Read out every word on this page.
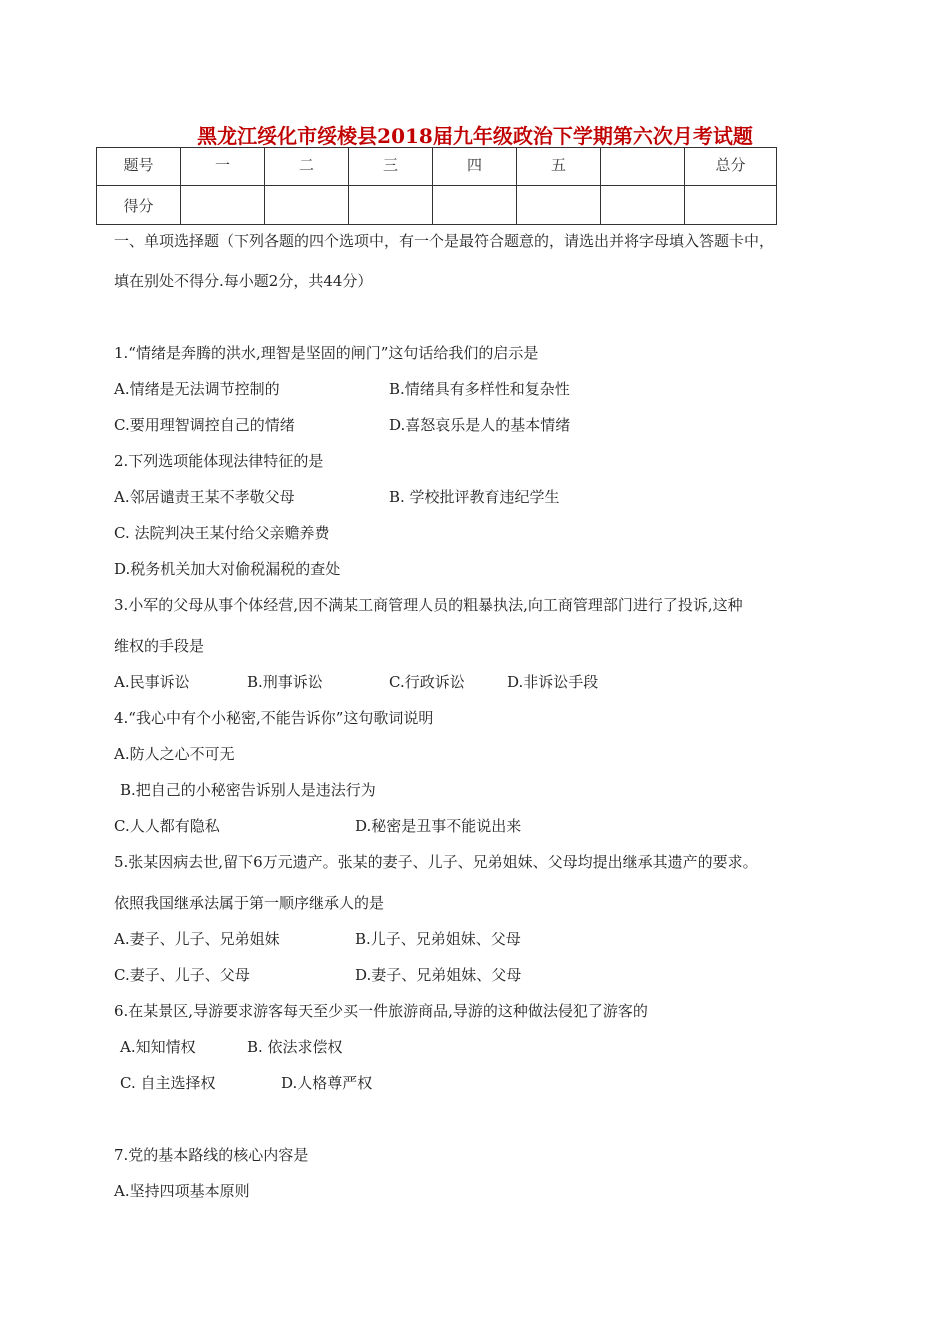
黑龙江绥化市绥棱县2018届九年级政治下学期第六次月考试题
题号	一	二	三	四	五		总分
得分							
一、单项选择题（下列各题的四个选项中，有一个是最符合题意的，请选出并将字母填入答题卡中，
填在别处不得分.每小题2分，共44分）
1.“情绪是奔腾的洪水,理智是坚固的闸门”这句话给我们的启示是
A.情绪是无法调节控制的	B.情绪具有多样性和复杂性
C.要用理智调控自己的情绪	D.喜怒哀乐是人的基本情绪
2.下列选项能体现法律特征的是
A.邻居谴责王某不孝敬父母	B. 学校批评教育违纪学生
C. 法院判决王某付给父亲赡养费
D.税务机关加大对偷税漏税的查处
3.小军的父母从事个体经营,因不满某工商管理人员的粗暴执法,向工商管理部门进行了投诉,这种
维权的手段是
A.民事诉讼	B.刑事诉讼	C.行政诉讼	D.非诉讼手段
4.“我心中有个小秘密,不能告诉你”这句歌词说明
A.防人之心不可无
B.把自己的小秘密告诉别人是违法行为
C.人人都有隐私	D.秘密是丑事不能说出来
5.张某因病去世,留下6万元遗产。张某的妻子、儿子、兄弟姐妹、父母均提出继承其遗产的要求。
依照我国继承法属于第一顺序继承人的是
A.妻子、儿子、兄弟姐妹	B.儿子、兄弟姐妹、父母
C.妻子、儿子、父母	D.妻子、兄弟姐妹、父母
6.在某景区,导游要求游客每天至少买一件旅游商品,导游的这种做法侵犯了游客的
A.知知情权	B. 依法求偿权
C. 自主选择权	D.人格尊严权
7.党的基本路线的核心内容是
A.坚持四项基本原则
